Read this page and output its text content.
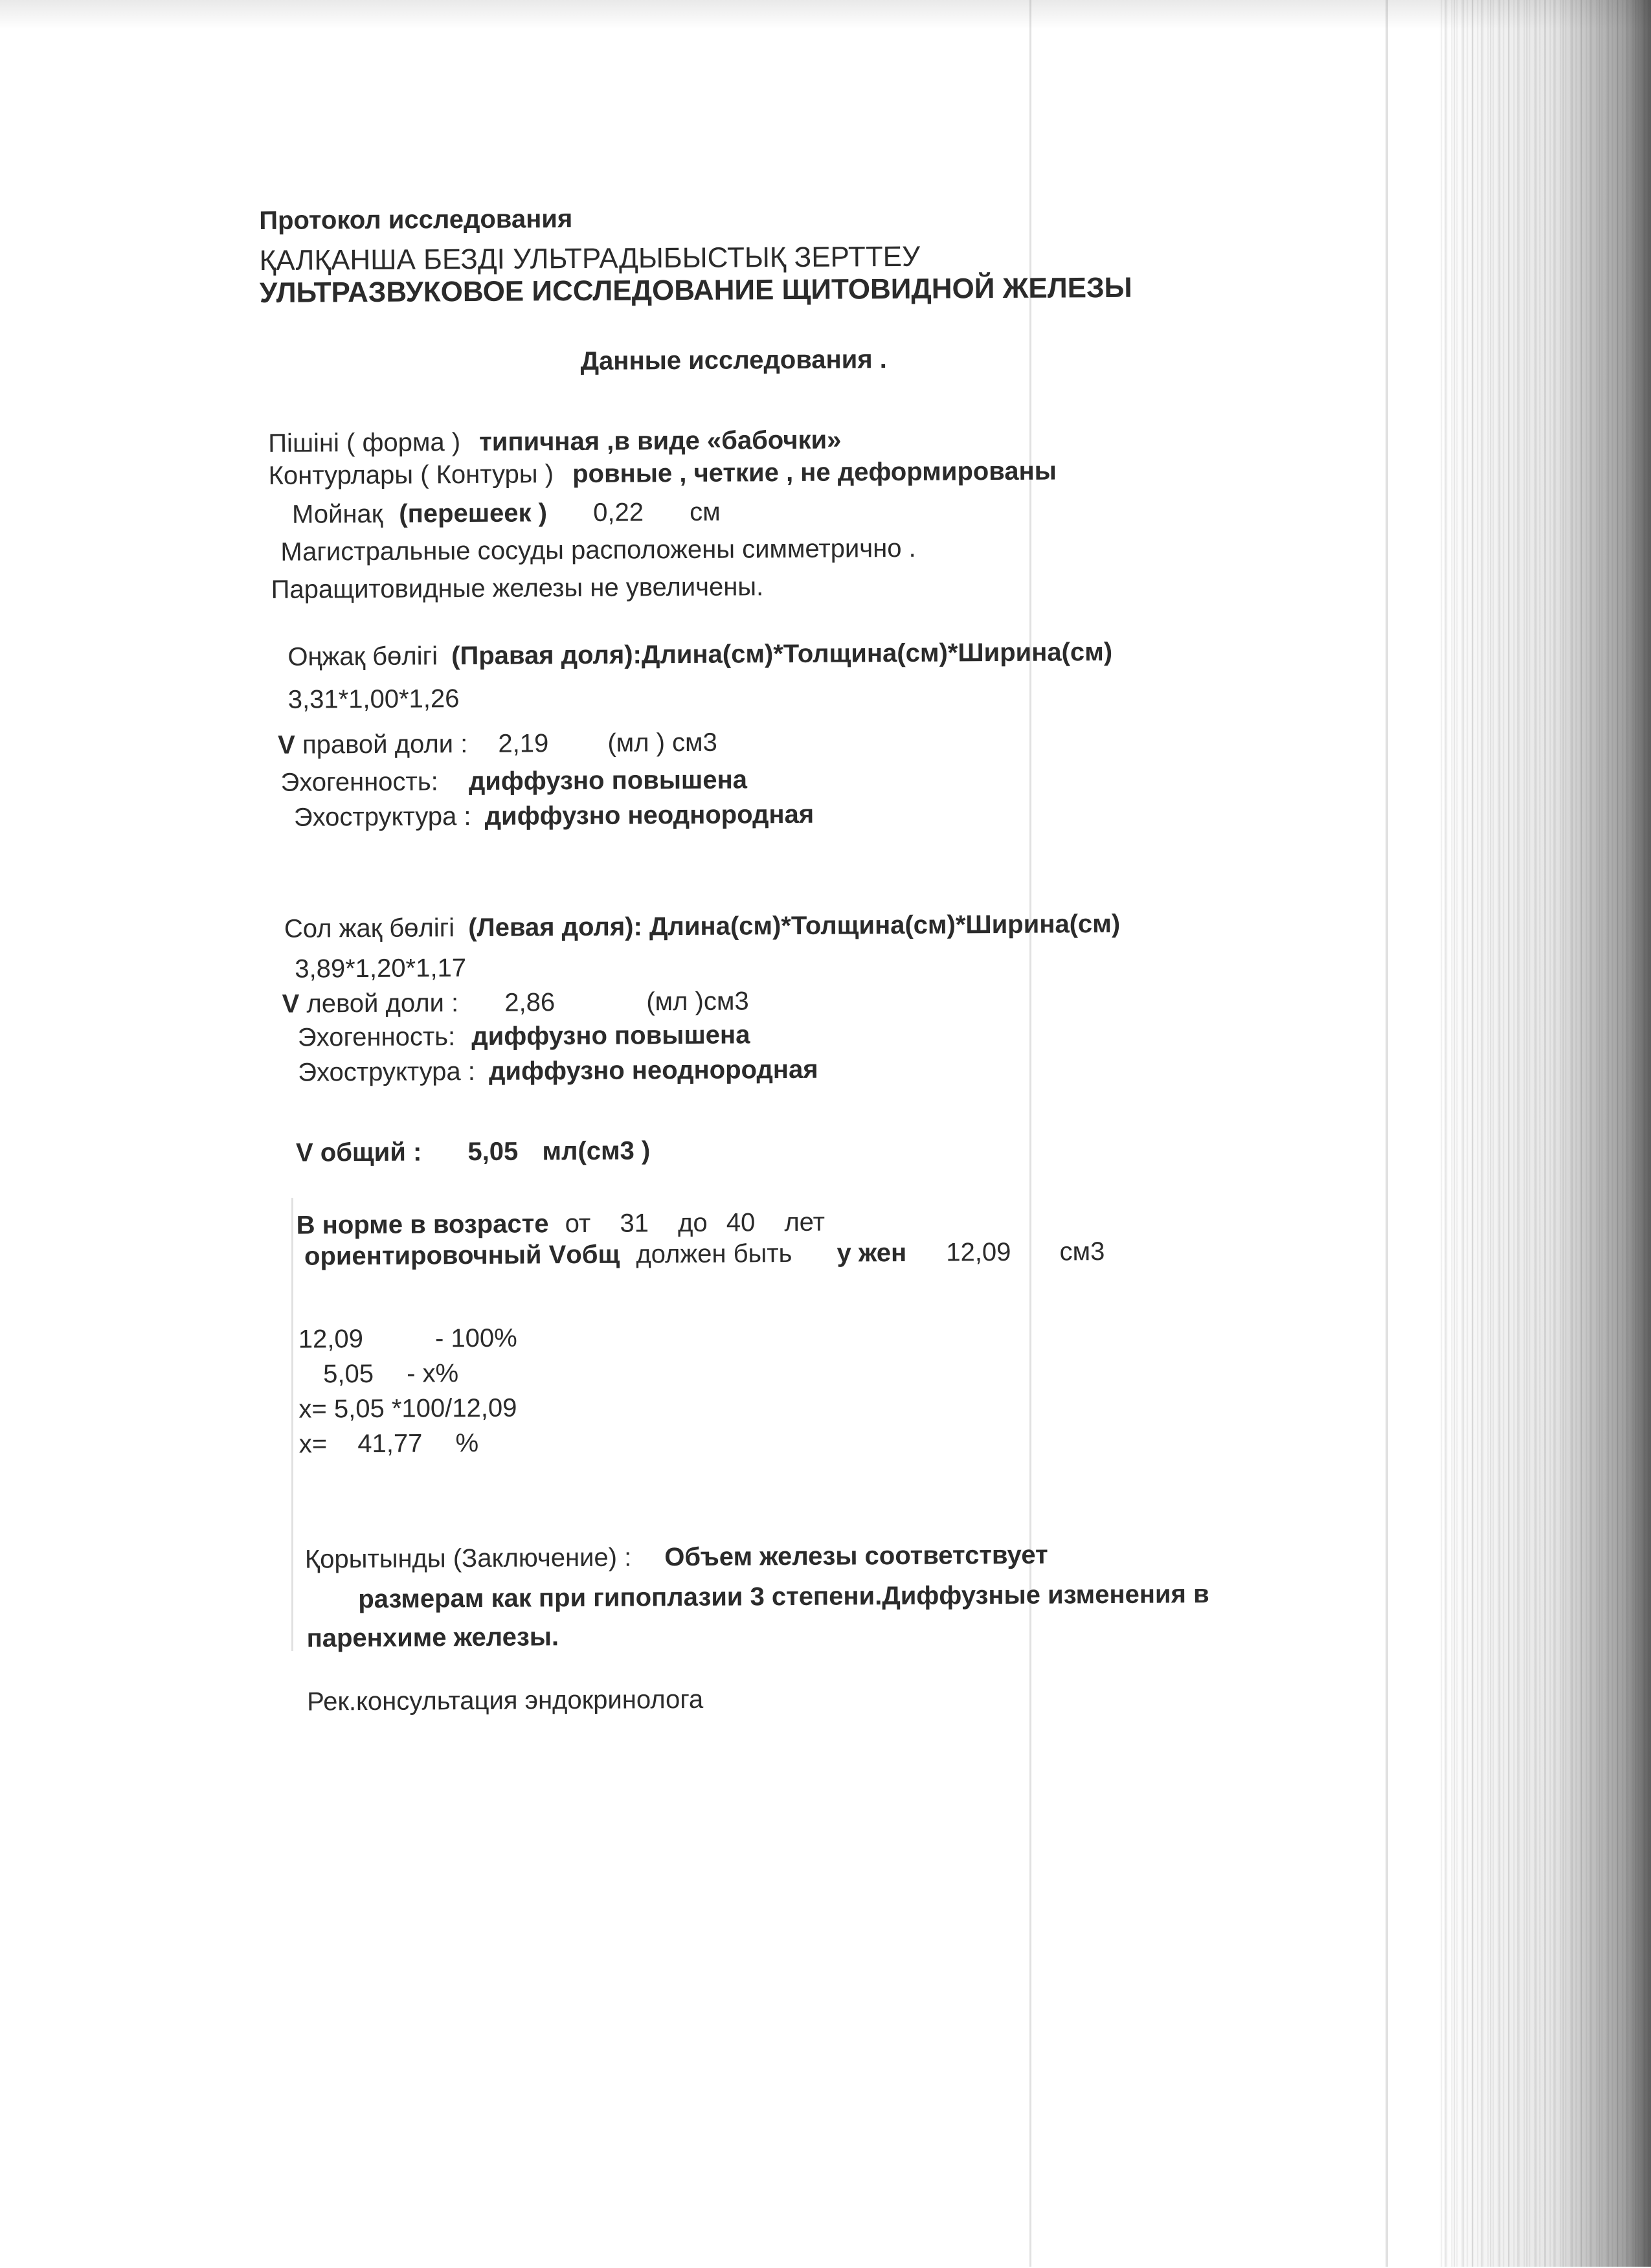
Протокол исследования
ҚАЛҚАНША БЕЗДІ УЛЬТРАДЫБЫСТЫҚ ЗЕРТТЕУ
УЛЬТРАЗВУКОВОЕ ИССЛЕДОВАНИЕ ЩИТОВИДНОЙ ЖЕЛЕЗЫ
Данные исследования .
Пішіні ( форма ) типичная ,в виде «бабочки»
Контурлары ( Контуры ) ровные , четкие , не деформированы
Мойнақ (перешеек ) 0,22 см
Магистральные сосуды расположены симметрично .
Паращитовидные железы не увеличены.
Оңжақ бөлігі (Правая доля):Длина(см)*Толщина(см)*Ширина(см)
3,31*1,00*1,26
V правой доли : 2,19 (мл ) см3
Эхогенность: диффузно повышена
Эхоструктура : диффузно неоднородная
Сол жақ бөлігі (Левая доля): Длина(см)*Толщина(см)*Ширина(см)
3,89*1,20*1,17
V левой доли : 2,86	(мл )см3
Эхогенность: диффузно повышена
Эхоструктура : диффузно неоднородная
V общий : 5,05 мл(см3 )
В норме в возрасте от 31 до 40 лет
ориентировочный Vобщ должен быть у жен 12,09 см3
12,09	- 100%
5,05 - х%
х= 5,05 *100/12,09
х= 41,77 %
Қорытынды (Заключение) : Объем железы соответствует
размерам как при гипоплазии 3 степени.Диффузные изменения в
паренхиме железы.
Рек.консультация эндокринолога
